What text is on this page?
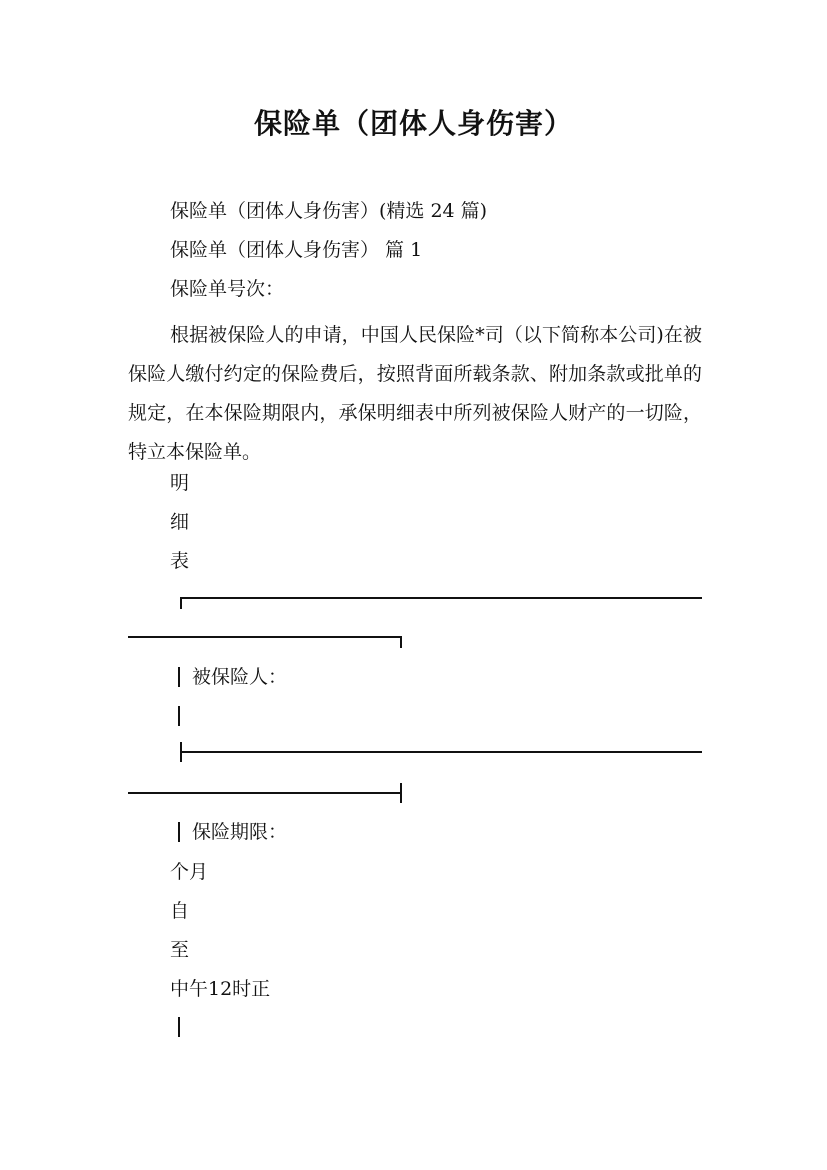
保险单（团体人身伤害）
保险单（团体人身伤害）(精选 24 篇)
保险单（团体人身伤害） 篇 1
保险单号次：

根据被保险人的申请，中国人民保险*司（以下简称本公司)在被保险人缴付约定的保险费后，按照背面所载条款、附加条款或批单的规定，在本保险期限内，承保明细表中所列被保险人财产的一切险，特立本保险单。

明
细
表
被保险人：
保险期限：
个月
自
至
中午12时正
